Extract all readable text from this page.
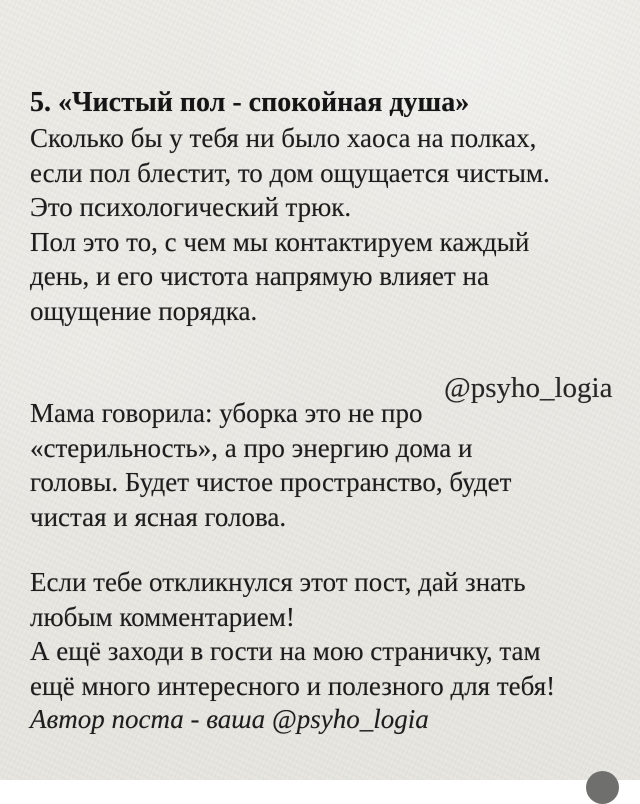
5. «Чистый пол - спокойная душа»
Сколько бы у тебя ни было хаоса на полках,
если пол блестит, то дом ощущается чистым.
Это психологический трюк.
Пол это то, с чем мы контактируем каждый
день, и его чистота напрямую влияет на
ощущение порядка.
@psyho_logia
Мама говорила: уборка это не про
«стерильность», а про энергию дома и
головы. Будет чистое пространство, будет
чистая и ясная голова.
Если тебе откликнулся этот пост, дай знать
любым комментарием!
А ещё заходи в гости на мою страничку, там
ещё много интересного и полезного для тебя!
Автор поста - ваша @psyho_logia
